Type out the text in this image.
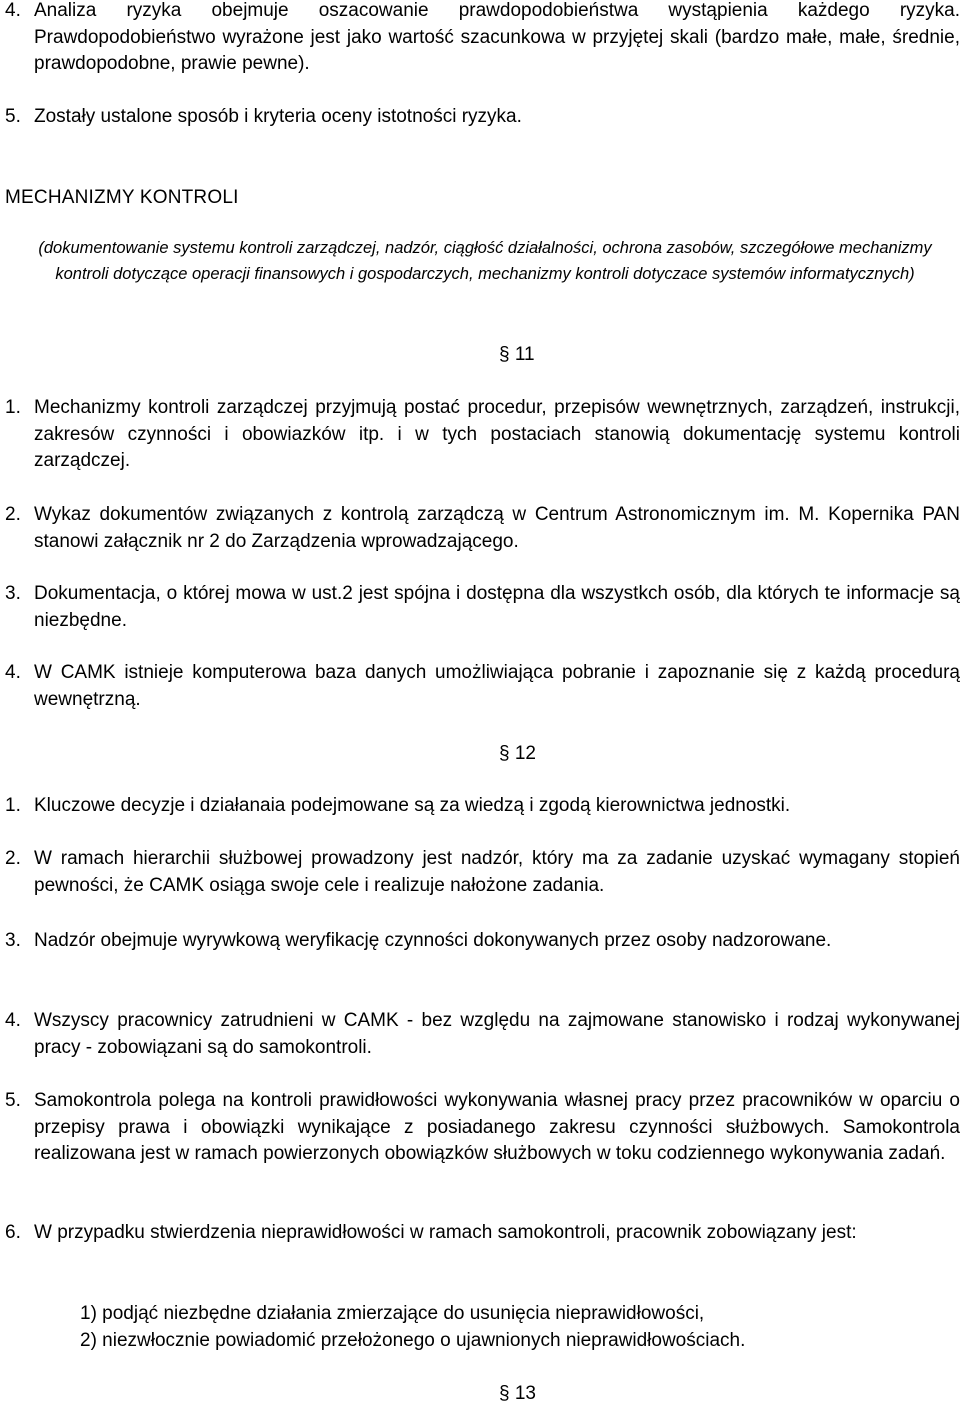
4. Analiza ryzyka obejmuje oszacowanie prawdopodobieństwa wystąpienia każdego ryzyka. Prawdopodobieństwo wyrażone jest jako wartość szacunkowa w przyjętej skali (bardzo małe, małe, średnie, prawdopodobne, prawie pewne).
5. Zostały ustalone sposób i kryteria oceny istotności ryzyka.
MECHANIZMY KONTROLI
(dokumentowanie systemu kontroli zarządczej, nadzór, ciągłość działalności, ochrona zasobów, szczegółowe mechanizmy kontroli dotyczące operacji finansowych i gospodarczych, mechanizmy kontroli dotyczace systemów informatycznych)
§ 11
1. Mechanizmy kontroli zarządczej przyjmują postać procedur, przepisów wewnętrznych, zarządzeń, instrukcji, zakresów czynności i obowiazków itp. i w tych postaciach stanowią dokumentację systemu kontroli zarządczej.
2. Wykaz dokumentów związanych z kontrolą zarządczą w Centrum Astronomicznym im. M. Kopernika PAN stanowi załącznik nr 2 do Zarządzenia wprowadzającego.
3. Dokumentacja, o której mowa w ust.2 jest spójna i dostępna dla wszystkch osób, dla których te informacje są niezbędne.
4. W CAMK istnieje komputerowa baza danych umożliwiająca pobranie i zapoznanie się z każdą procedurą wewnętrzną.
§ 12
1. Kluczowe decyzje i działanaia podejmowane są za wiedzą i zgodą kierownictwa jednostki.
2. W ramach hierarchii służbowej prowadzony jest nadzór, który ma za zadanie uzyskać wymagany stopień pewności, że CAMK osiąga swoje cele i realizuje nałożone zadania.
3. Nadzór obejmuje wyrywkową weryfikację czynności dokonywanych przez osoby nadzorowane.
4. Wszyscy pracownicy zatrudnieni w CAMK - bez względu na zajmowane stanowisko i rodzaj wykonywanej pracy - zobowiązani są do samokontroli.
5. Samokontrola polega na kontroli prawidłowości wykonywania własnej pracy przez pracowników w oparciu o przepisy prawa i obowiązki wynikające z posiadanego zakresu czynności służbowych. Samokontrola realizowana jest w ramach powierzonych obowiązków służbowych w toku codziennego wykonywania zadań.
6. W przypadku stwierdzenia nieprawidłowości w ramach samokontroli, pracownik zobowiązany jest:
1) podjąć niezbędne działania zmierzające do usunięcia nieprawidłowości,
2) niezwłocznie powiadomić przełożonego o ujawnionych nieprawidłowościach.
§ 13
